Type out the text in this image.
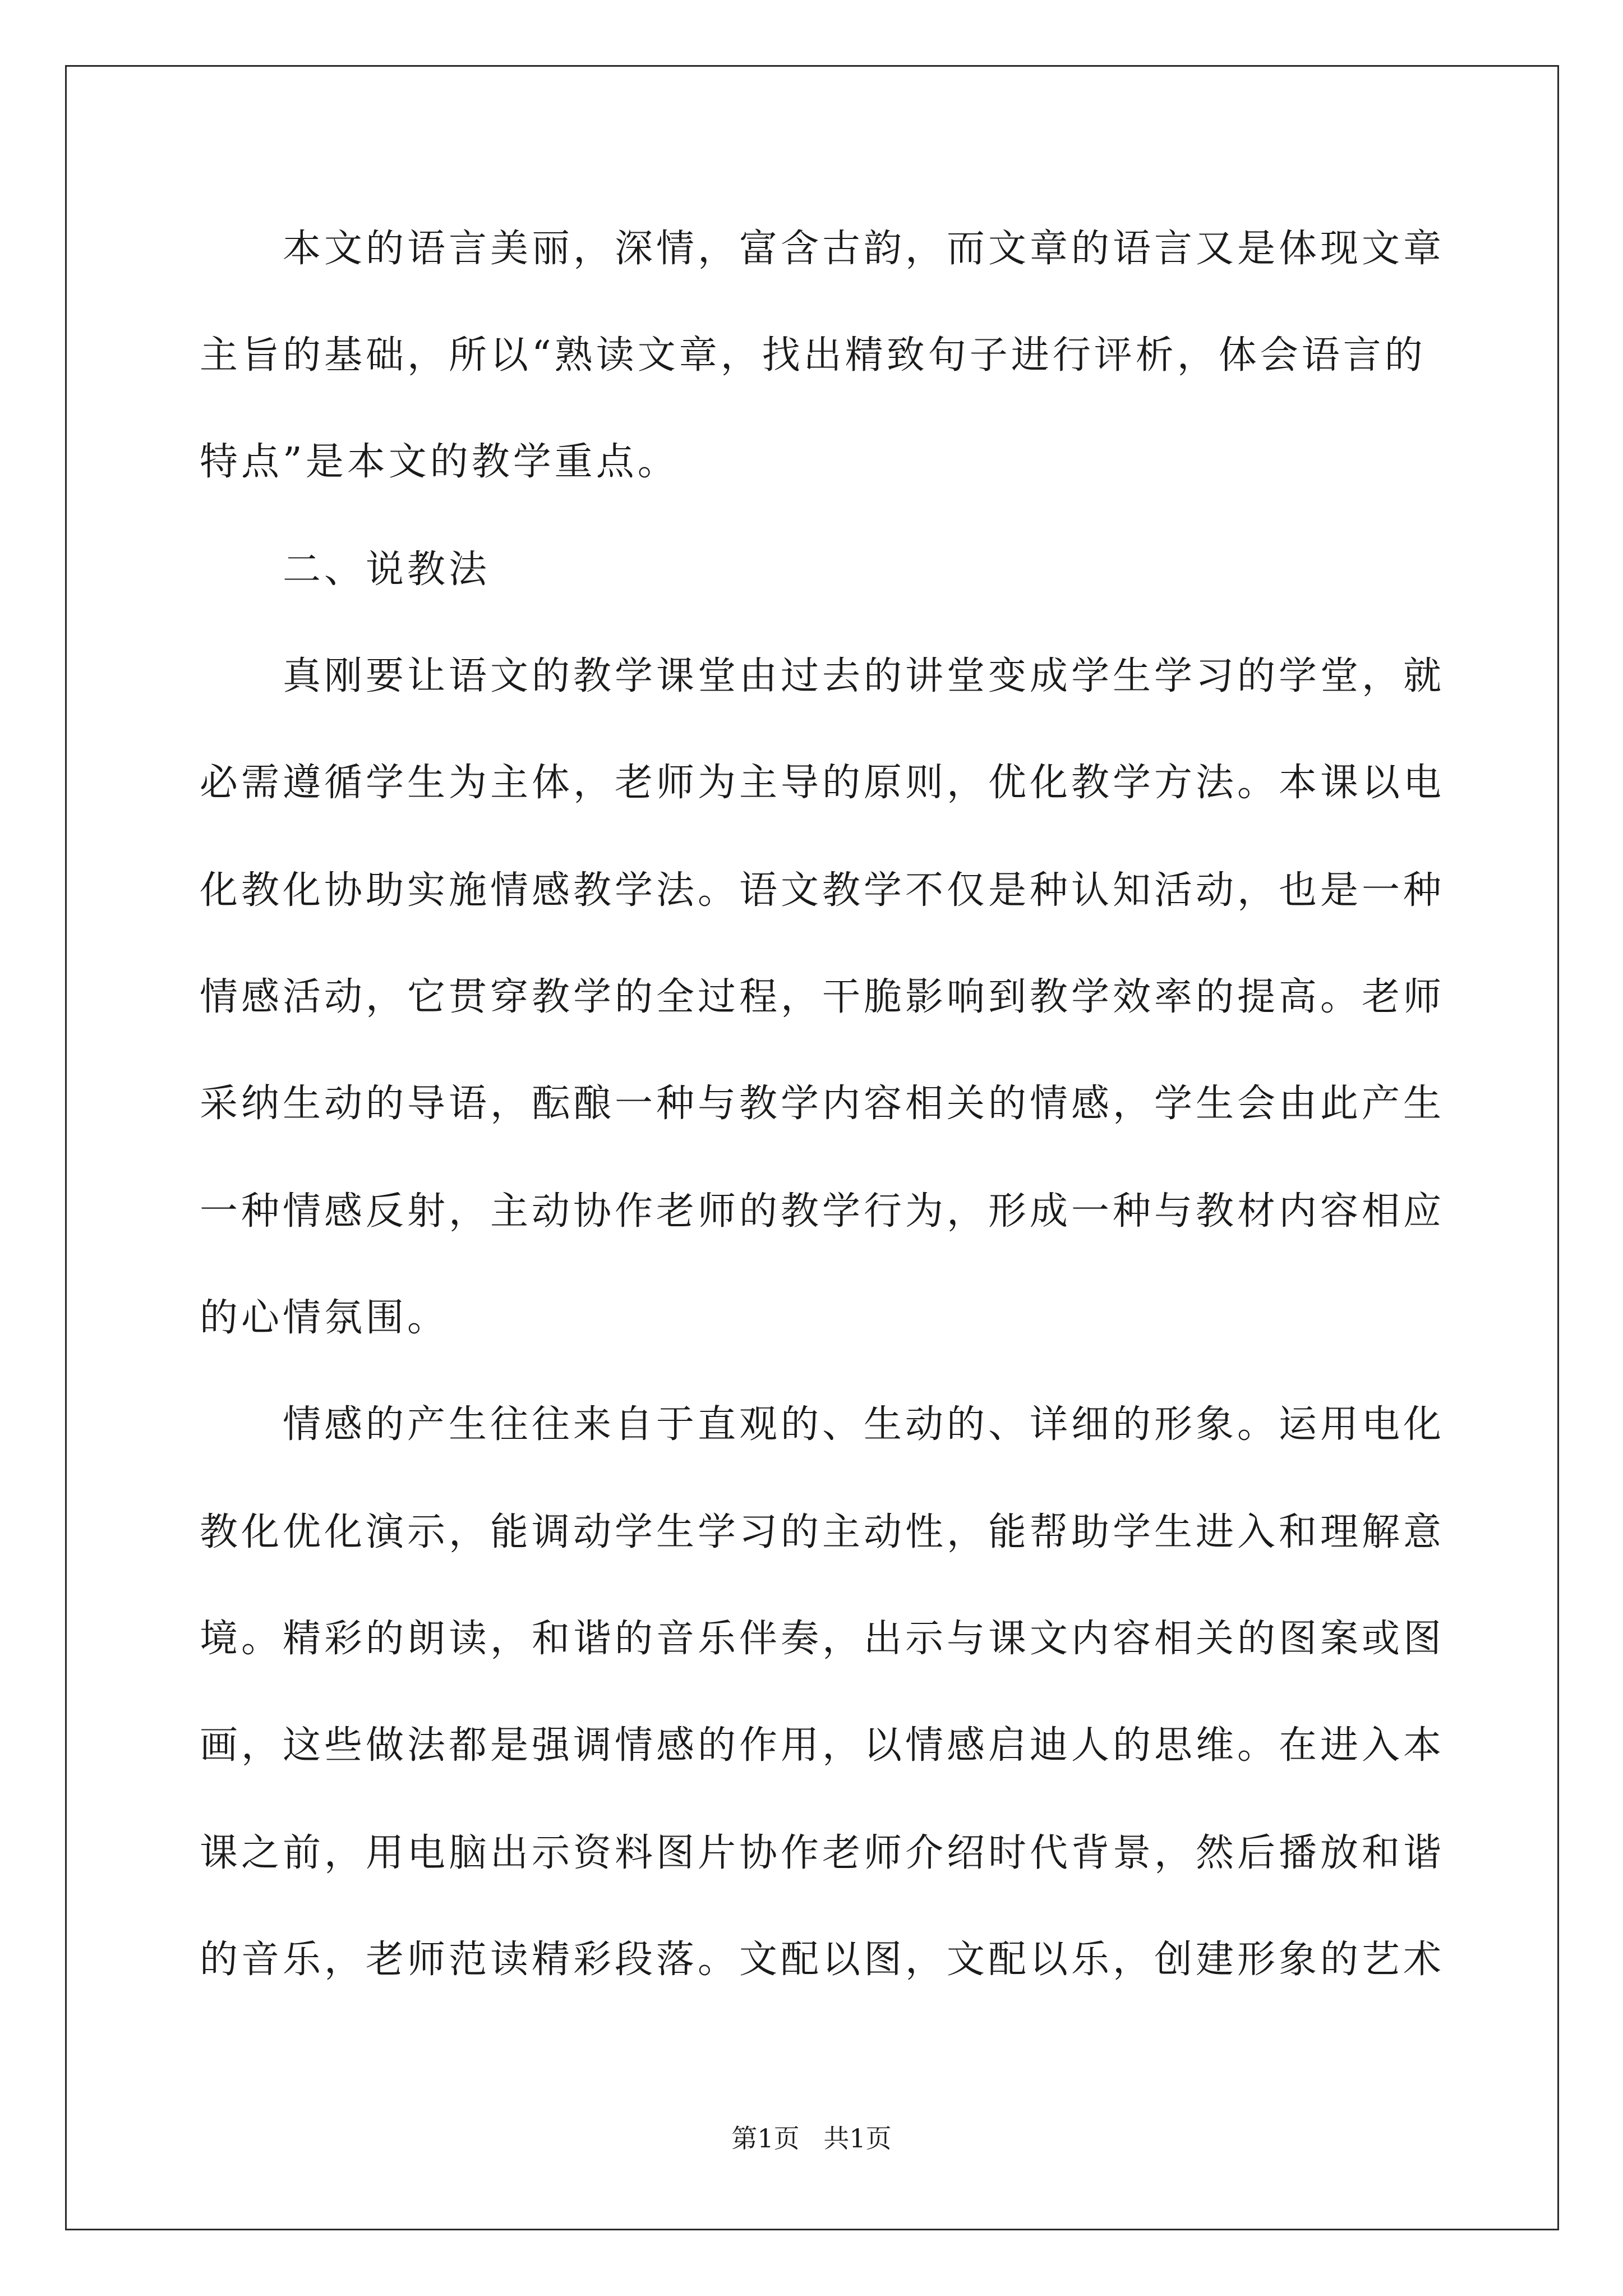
本文的语言美丽，深情，富含古韵，而文章的语言又是体现文章
主旨的基础，所以“熟读文章，找出精致句子进行评析，体会语言的
特点”是本文的教学重点。
二、说教法
真刚要让语文的教学课堂由过去的讲堂变成学生学习的学堂，就
必需遵循学生为主体，老师为主导的原则，优化教学方法。本课以电
化教化协助实施情感教学法。语文教学不仅是种认知活动，也是一种
情感活动，它贯穿教学的全过程，干脆影响到教学效率的提高。老师
采纳生动的导语，酝酿一种与教学内容相关的情感，学生会由此产生
一种情感反射，主动协作老师的教学行为，形成一种与教材内容相应
的心情氛围。
情感的产生往往来自于直观的、生动的、详细的形象。运用电化
教化优化演示，能调动学生学习的主动性，能帮助学生进入和理解意
境。精彩的朗读，和谐的音乐伴奏，出示与课文内容相关的图案或图
画，这些做法都是强调情感的作用，以情感启迪人的思维。在进入本
课之前，用电脑出示资料图片协作老师介绍时代背景，然后播放和谐
的音乐，老师范读精彩段落。文配以图，文配以乐，创建形象的艺术
第1页 共1页
